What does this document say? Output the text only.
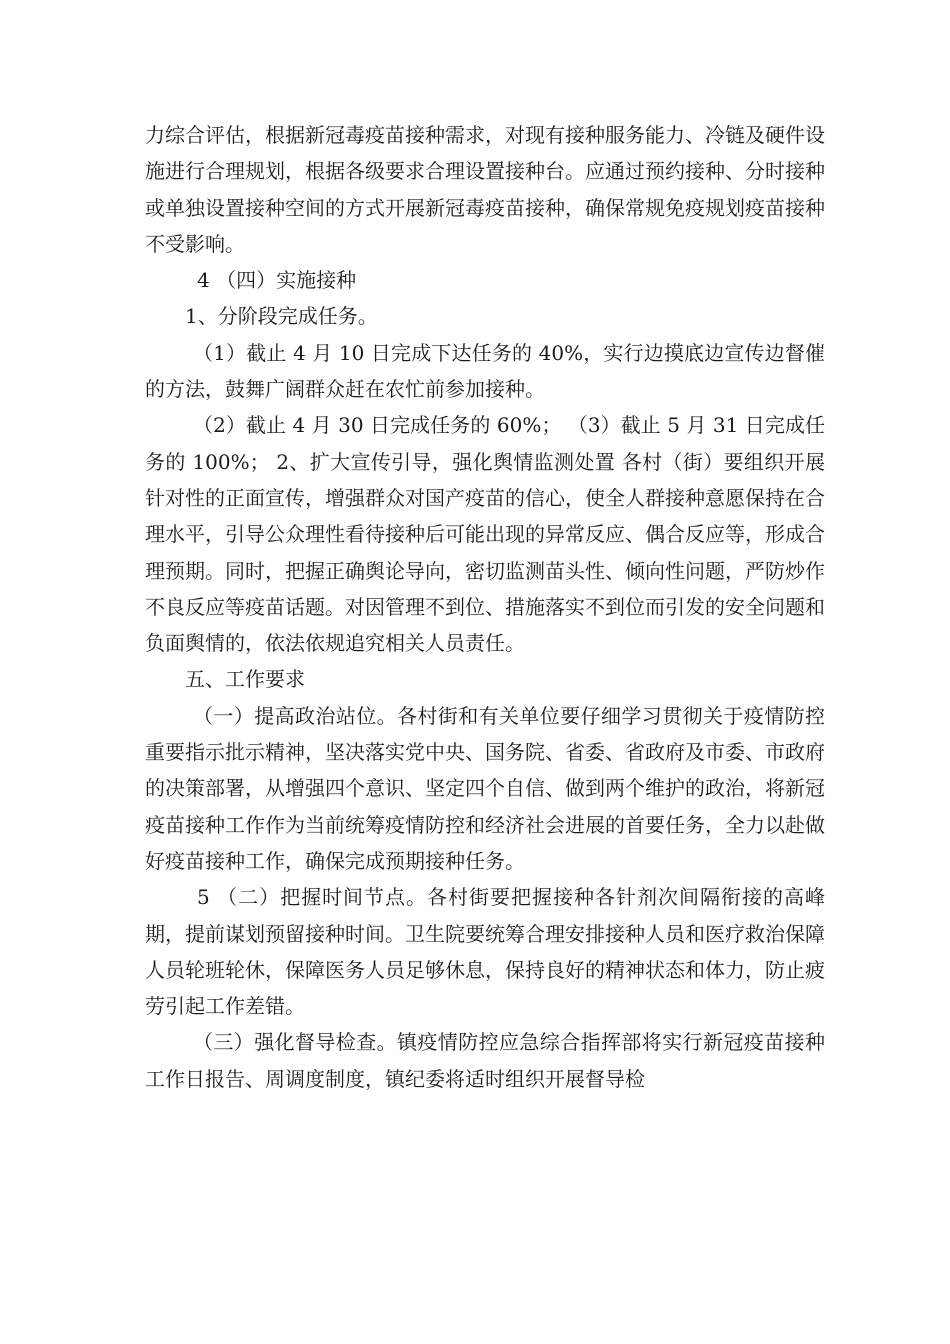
力综合评估，根据新冠毒疫苗接种需求，对现有接种服务能力、冷链及硬件设施进行合理规划，根据各级要求合理设置接种台。应通过预约接种、分时接种或单独设置接种空间的方式开展新冠毒疫苗接种，确保常规免疫规划疫苗接种不受影响。

4 （四）实施接种

1、分阶段完成任务。

（1）截止 4 月 10 日完成下达任务的 40%，实行边摸底边宣传边督催的方法，鼓舞广阔群众赶在农忙前参加接种。

（2）截止 4 月 30 日完成任务的 60%； （3）截止 5 月 31 日完成任务的 100%； 2、扩大宣传引导，强化舆情监测处置 各村（街）要组织开展针对性的正面宣传，增强群众对国产疫苗的信心，使全人群接种意愿保持在合理水平，引导公众理性看待接种后可能出现的异常反应、偶合反应等，形成合理预期。同时，把握正确舆论导向，密切监测苗头性、倾向性问题，严防炒作不良反应等疫苗话题。对因管理不到位、措施落实不到位而引发的安全问题和负面舆情的，依法依规追究相关人员责任。

五、工作要求

（一）提高政治站位。各村街和有关单位要仔细学习贯彻关于疫情防控重要指示批示精神，坚决落实党中央、国务院、省委、省政府及市委、市政府的决策部署，从增强四个意识、坚定四个自信、做到两个维护的政治，将新冠疫苗接种工作作为当前统筹疫情防控和经济社会进展的首要任务，全力以赴做好疫苗接种工作，确保完成预期接种任务。

5 （二）把握时间节点。各村街要把握接种各针剂次间隔衔接的高峰期，提前谋划预留接种时间。卫生院要统筹合理安排接种人员和医疗救治保障人员轮班轮休，保障医务人员足够休息，保持良好的精神状态和体力，防止疲劳引起工作差错。

（三）强化督导检查。镇疫情防控应急综合指挥部将实行新冠疫苗接种工作日报告、周调度制度，镇纪委将适时组织开展督导检
